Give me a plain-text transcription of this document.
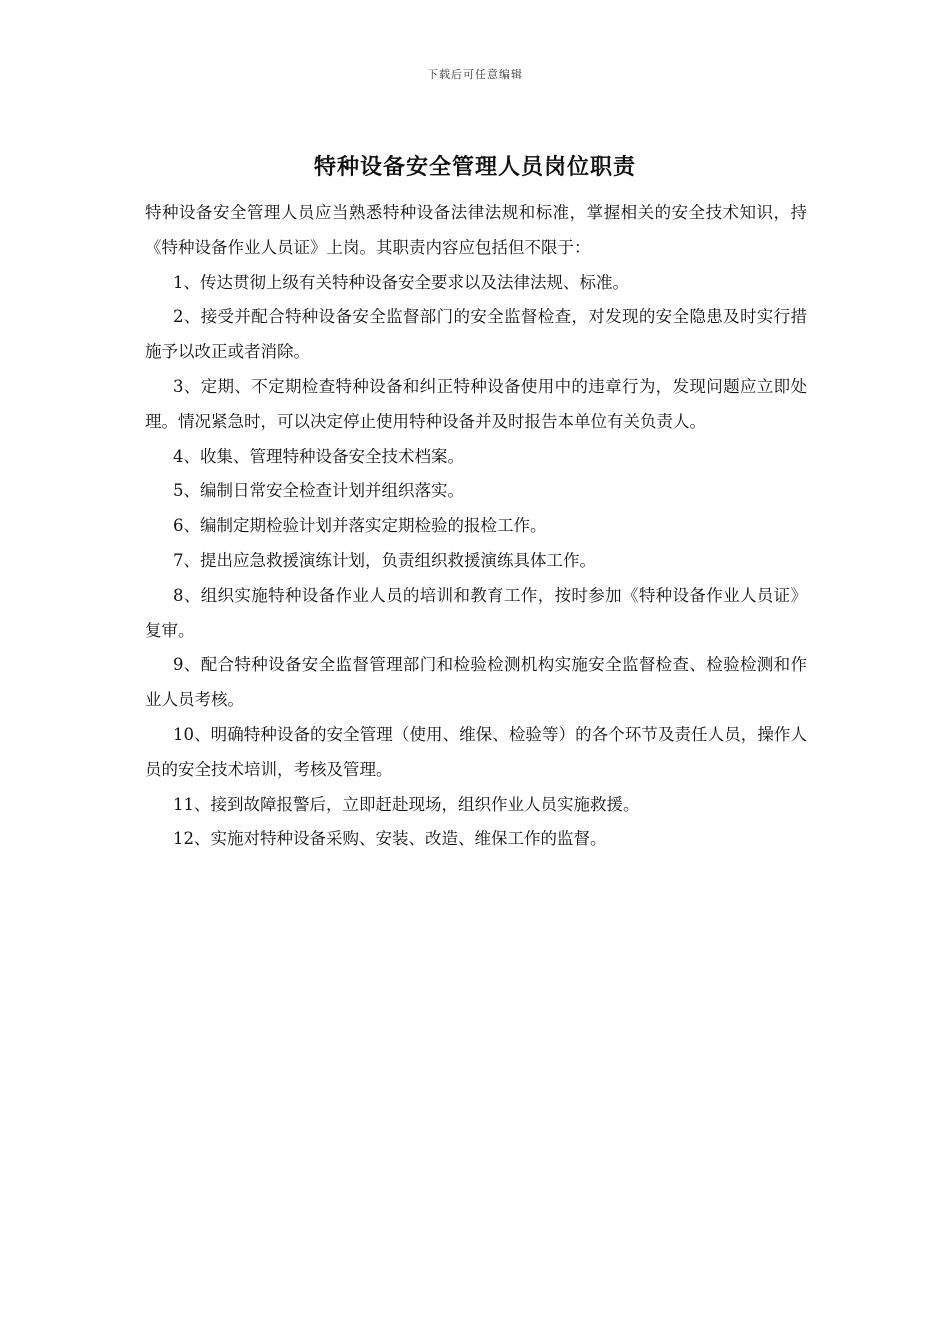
下载后可任意编辑
特种设备安全管理人员岗位职责

特种设备安全管理人员应当熟悉特种设备法律法规和标准，掌握相关的安全技术知识，持《特种设备作业人员证》上岗。其职责内容应包括但不限于：

1、传达贯彻上级有关特种设备安全要求以及法律法规、标准。

2、接受并配合特种设备安全监督部门的安全监督检查，对发现的安全隐患及时实行措施予以改正或者消除。

3、定期、不定期检查特种设备和纠正特种设备使用中的违章行为，发现问题应立即处理。情况紧急时，可以决定停止使用特种设备并及时报告本单位有关负责人。

4、收集、管理特种设备安全技术档案。

5、编制日常安全检查计划并组织落实。

6、编制定期检验计划并落实定期检验的报检工作。

7、提出应急救援演练计划，负责组织救援演练具体工作。

8、组织实施特种设备作业人员的培训和教育工作，按时参加《特种设备作业人员证》复审。

9、配合特种设备安全监督管理部门和检验检测机构实施安全监督检查、检验检测和作业人员考核。

10、明确特种设备的安全管理（使用、维保、检验等）的各个环节及责任人员，操作人员的安全技术培训，考核及管理。

11、接到故障报警后，立即赶赴现场，组织作业人员实施救援。

12、实施对特种设备采购、安装、改造、维保工作的监督。
